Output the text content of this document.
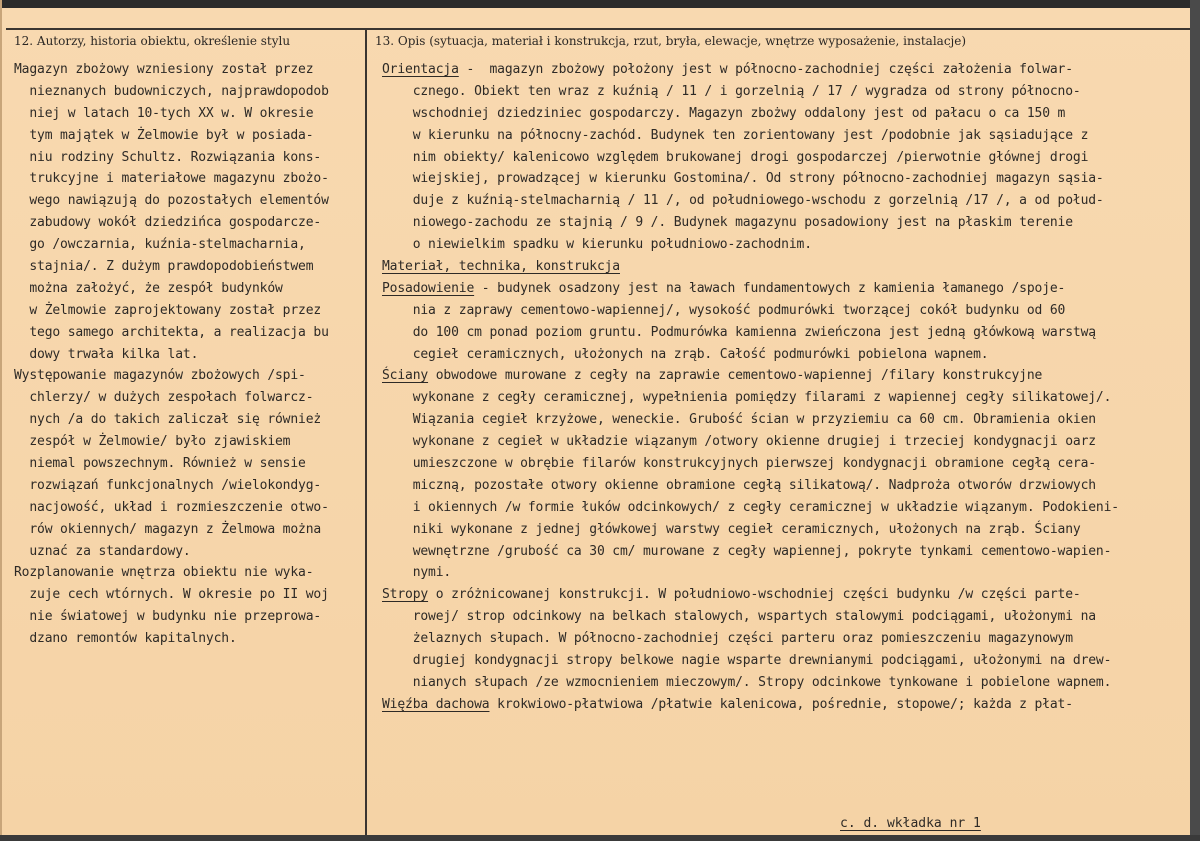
12. Autorzy, historia obiektu, określenie stylu	13. Opis (sytuacja, materiał i konstrukcja, rzut, bryła, elewacje, wnętrze wyposażenie, instalacje)
Magazyn zbożowy wzniesiony został przez
nieznanych budowniczych, najprawdopodob
niej w latach 10-tych XX w. W okresie
tym majątek w Żelmowie był w posiada-
niu rodziny Schultz. Rozwiązania kons-
trukcyjne i materiałowe magazynu zbożo-
wego nawiązują do pozostałych elementów
zabudowy wokół dziedzińca gospodarcze-
go /owczarnia, kuźnia-stelmacharnia,
stajnia/. Z dużym prawdopodobieństwem
można założyć, że zespół budynków
w Żelmowie zaprojektowany został przez
tego samego architekta, a realizacja bu
dowy trwała kilka lat.
Występowanie magazynów zbożowych /spi-
chlerzy/ w dużych zespołach folwarcz-
nych /a do takich zaliczał się również
zespół w Żelmowie/ było zjawiskiem
niemal powszechnym. Również w sensie
rozwiązań funkcjonalnych /wielokondyg-
nacjowość, układ i rozmieszczenie otwo-
rów okiennych/ magazyn z Żelmowa można
uznać za standardowy.
Rozplanowanie wnętrza obiektu nie wyka-
zuje cech wtórnych. W okresie po II woj
nie światowej w budynku nie przeprowa-
dzano remontów kapitalnych.
Orientacja -  magazyn zbożowy położony jest w północno-zachodniej części założenia folwar-
cznego. Obiekt ten wraz z kuźnią / 11 / i gorzelnią / 17 / wygradza od strony północno-
wschodniej dziedziniec gospodarczy. Magazyn zbożwy oddalony jest od pałacu o ca 150 m
w kierunku na północny-zachód. Budynek ten zorientowany jest /podobnie jak sąsiadujące z
nim obiekty/ kalenicowo względem brukowanej drogi gospodarczej /pierwotnie głównej drogi
wiejskiej, prowadzącej w kierunku Gostomina/. Od strony północno-zachodniej magazyn sąsia-
duje z kuźnią-stelmacharnią / 11 /, od południowego-wschodu z gorzelnią /17 /, a od połud-
niowego-zachodu ze stajnią / 9 /. Budynek magazynu posadowiony jest na płaskim terenie
o niewielkim spadku w kierunku południowo-zachodnim.
Materiał, technika, konstrukcja
Posadowienie - budynek osadzony jest na ławach fundamentowych z kamienia łamanego /spoje-
nia z zaprawy cementowo-wapiennej/, wysokość podmurówki tworzącej cokół budynku od 60
do 100 cm ponad poziom gruntu. Podmurówka kamienna zwieńczona jest jedną główkową warstwą
cegieł ceramicznych, ułożonych na zrąb. Całość podmurówki pobielona wapnem.
Ściany obwodowe murowane z cegły na zaprawie cementowo-wapiennej /filary konstrukcyjne
wykonane z cegły ceramicznej, wypełnienia pomiędzy filarami z wapiennej cegły silikatowej/.
Wiązania cegieł krzyżowe, weneckie. Grubość ścian w przyziemiu ca 60 cm. Obramienia okien
wykonane z cegieł w układzie wiązanym /otwory okienne drugiej i trzeciej kondygnacji oarz
umieszczone w obrębie filarów konstrukcyjnych pierwszej kondygnacji obramione cegłą cera-
miczną, pozostałe otwory okienne obramione cegłą silikatową/. Nadproża otworów drzwiowych
i okiennych /w formie łuków odcinkowych/ z cegły ceramicznej w układzie wiązanym. Podokieni-
niki wykonane z jednej główkowej warstwy cegieł ceramicznych, ułożonych na zrąb. Ściany
wewnętrzne /grubość ca 30 cm/ murowane z cegły wapiennej, pokryte tynkami cementowo-wapien-
nymi.
Stropy o zróżnicowanej konstrukcji. W południowo-wschodniej części budynku /w części parte-
rowej/ strop odcinkowy na belkach stalowych, wspartych stalowymi podciągami, ułożonymi na
żelaznych słupach. W północno-zachodniej części parteru oraz pomieszczeniu magazynowym
drugiej kondygnacji stropy belkowe nagie wsparte drewnianymi podciągami, ułożonymi na drew-
nianych słupach /ze wzmocnieniem mieczowym/. Stropy odcinkowe tynkowane i pobielone wapnem.
Więźba dachowa krokwiowo-płatwiowa /płatwie kalenicowa, pośrednie, stopowe/; każda z płat-
c. d. wkładka nr 1
